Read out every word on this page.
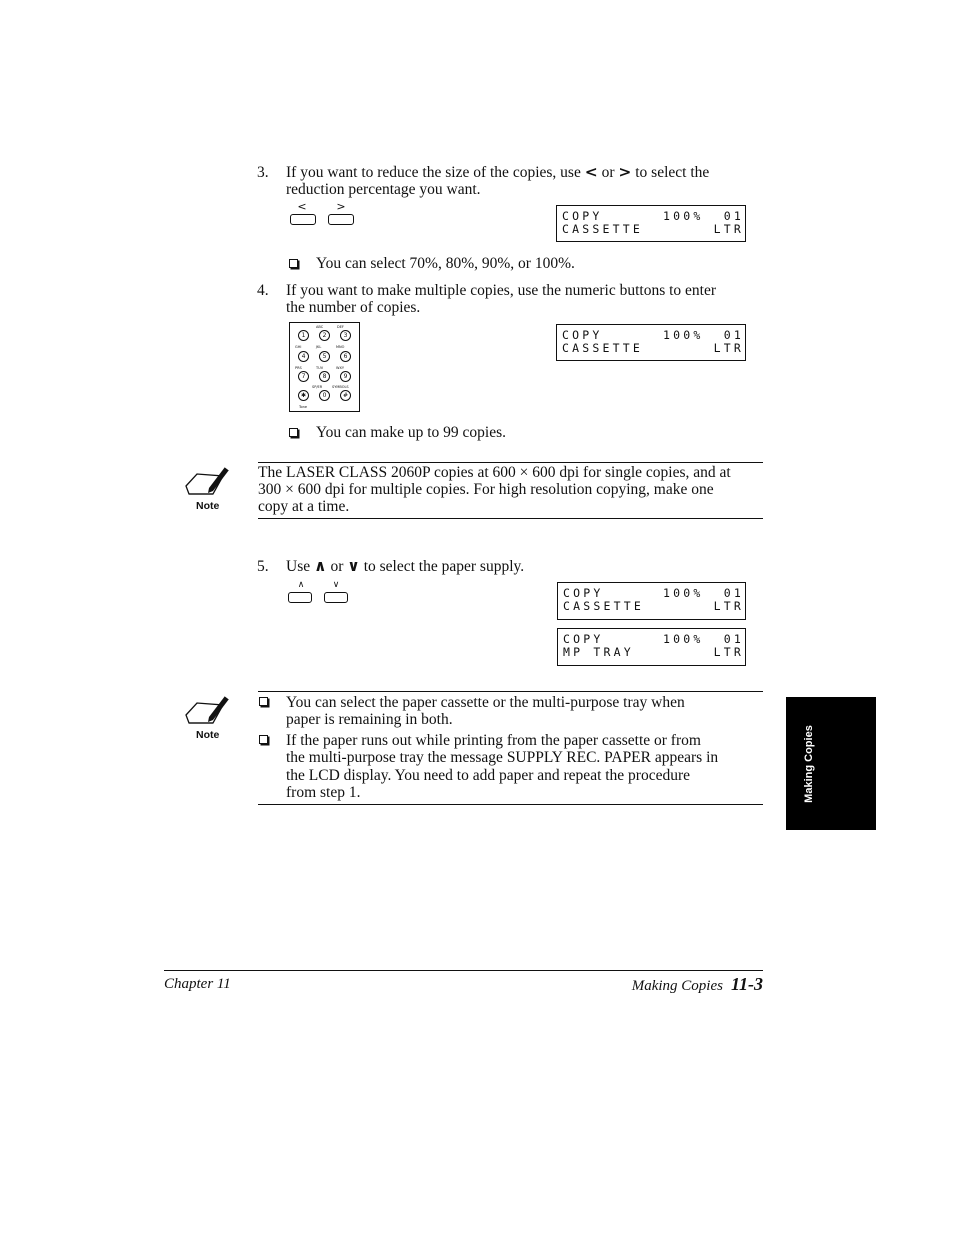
3. If you want to reduce the size of the copies, use < or > to select the
reduction percentage you want.
<	>
COPY	100%  01
CASSETTE	LTR
You can select 70%, 80%, 90%, or 100%.
4. If you want to make multiple copies, use the numeric buttons to enter
the number of copies.
ABC	DEF
1	2	3
GHI	JKL	MNO
4	5	6
PRS	TUV	WXY
7	8	9
SP/ER	SYMBOLS
✱	0	#
Tone
COPY	100%  01
CASSETTE	LTR
You can make up to 99 copies.
Note
The LASER CLASS 2060P copies at 600 × 600 dpi for single copies, and at
300 × 600 dpi for multiple copies. For high resolution copying, make one
copy at a time.
5. Use ∧ or ∨ to select the paper supply.
∧	∨
COPY	100%  01
CASSETTE	LTR
COPY	100%  01
MP TRAY	LTR
Note
You can select the paper cassette or the multi-purpose tray when
paper is remaining in both.
If the paper runs out while printing from the paper cassette or from
the multi-purpose tray the message SUPPLY REC. PAPER appears in
the LCD display. You need to add paper and repeat the procedure
from step 1.	Making Copies
Chapter 11	Making Copies 11-3
